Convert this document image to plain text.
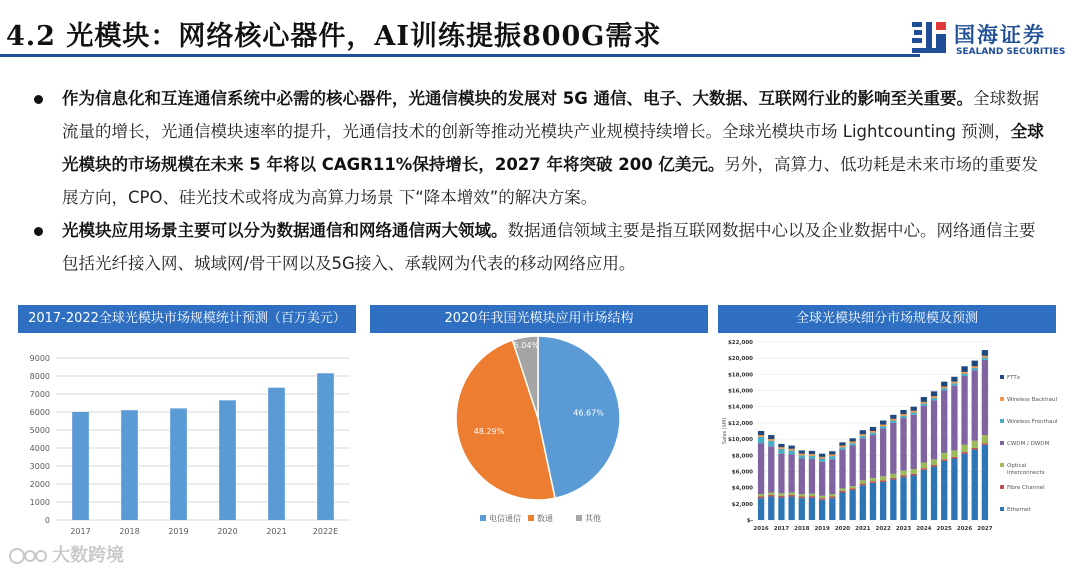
4.2 光模块：网络核心器件，AI训练提振800G需求	国海证券
SEALAND SECURITIES
作为信息化和互连通信系统中必需的核心器件，光通信模块的发展对 5G 通信、电子、大数据、互联网行业的影响至关重要。全球数据流量的增长，光通信模块速率的提升，光通信技术的创新等推动光模块产业规模持续增长。全球光模块市场 Lightcounting 预测，全球光模块的市场规模在未来 5 年将以 CAGR11%保持增长，2027 年将突破 200 亿美元。另外，高算力、低功耗是未来市场的重要发展方向，CPO、硅光技术或将成为高算力场景 下“降本增效”的解决方案。
光模块应用场景主要可以分为数据通信和网络通信两大领域。数据通信领域主要是指互联网数据中心以及企业数据中心。网络通信主要包括光纤接入网、城域网/骨干网以及5G接入、承载网为代表的移动网络应用。
2017-2022全球光模块市场规模统计预测（百万美元）	2020年我国光模块应用市场结构	全球光模块细分市场规模及预测
0
1000
2000
3000
4000
5000
6000
7000
8000
9000
2017	2018	2019	2020	2021	2022E
46.67%
48.29%
5.04%
电信通信 数通	其他	$-
$2,000
$4,000
$6,000
$8,000
$10,000
$12,000
$14,000
$16,000
$18,000
$20,000
$22,000
Sales ($M)
2016 2017 2018 2019 2020 2021 2022 2023 2024 2025 2026 2027
FTTx
Wireless Backhaul
Wireless Fronthaul
CWDM / DWDM
Optical
Interconnects
Fibre Channel
Ethernet
大数跨境
